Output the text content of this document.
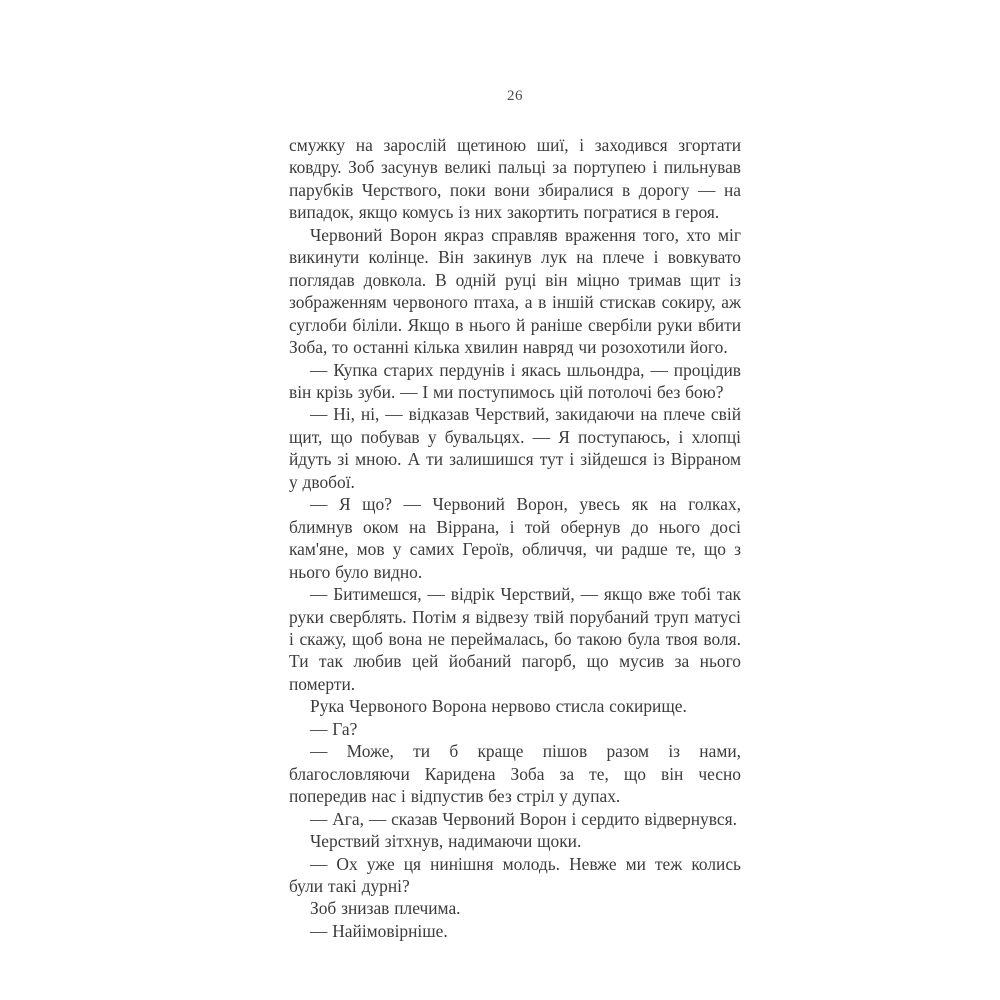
26

смужку на зарослій щетиною шиї, і заходився згортати ковдру. Зоб засунув великі пальці за портупею і пильнував парубків Черствого, поки вони збиралися в дорогу — на випадок, якщо комусь із них закортить погратися в героя.

Червоний Ворон якраз справляв враження того, хто міг викинути колінце. Він закинув лук на плече і вовкувато поглядав довкола. В одній руці він міцно тримав щит із зображенням червоного птаха, а в іншій стискав сокиру, аж суглоби біліли. Якщо в нього й раніше свербіли руки вбити Зоба, то останні кілька хвилин навряд чи розохотили його.

— Купка старих пердунів і якась шльондра, — процідив він крізь зуби. — І ми поступимось цій потолочі без бою?

— Ні, ні, — відказав Черствий, закидаючи на плече свій щит, що побував у бувальцях. — Я поступаюсь, і хлопці йдуть зі мною. А ти залишишся тут і зійдешся із Вірраном у двобої.

— Я що? — Червоний Ворон, увесь як на голках, блимнув оком на Віррана, і той обернув до нього досі кам'яне, мов у самих Героїв, обличчя, чи радше те, що з нього було видно.

— Битимешся, — відрік Черствий, — якщо вже тобі так руки сверблять. Потім я відвезу твій порубаний труп матусі і скажу, щоб вона не переймалась, бо такою була твоя воля. Ти так любив цей йобаний пагорб, що мусив за нього померти.

Рука Червоного Ворона нервово стисла сокирище.

— Га?

— Може, ти б краще пішов разом із нами, благословляючи Каридена Зоба за те, що він чесно попередив нас і відпустив без стріл у дупах.

— Ага, — сказав Червоний Ворон і сердито відвернувся.

Черствий зітхнув, надимаючи щоки.

— Ох уже ця нинішня молодь. Невже ми теж колись були такі дурні?

Зоб знизав плечима.

— Найімовірніше.
